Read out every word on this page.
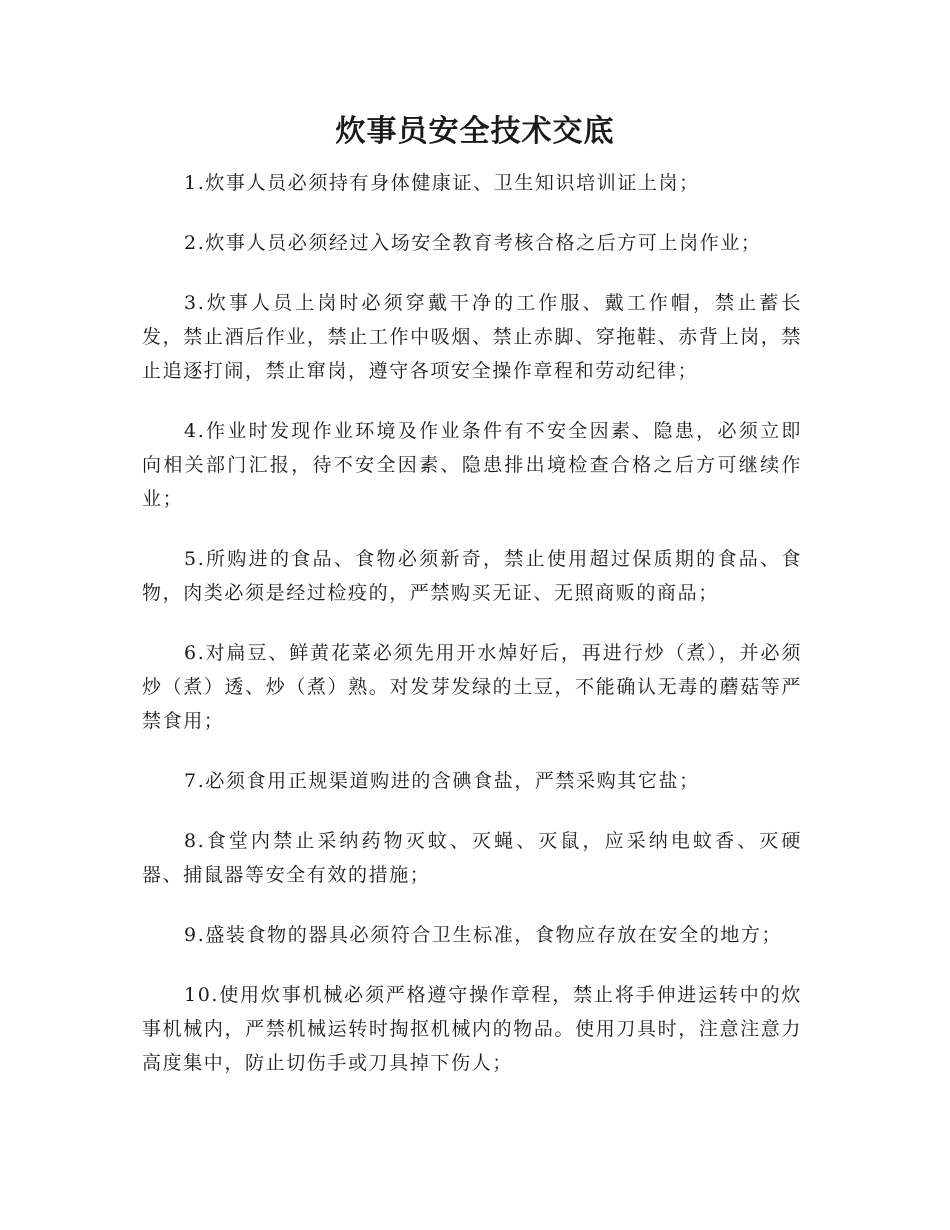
炊事员安全技术交底

1.炊事人员必须持有身体健康证、卫生知识培训证上岗；

2.炊事人员必须经过入场安全教育考核合格之后方可上岗作业；

3.炊事人员上岗时必须穿戴干净的工作服、戴工作帽，禁止蓄长发，禁止酒后作业，禁止工作中吸烟、禁止赤脚、穿拖鞋、赤背上岗，禁止追逐打闹，禁止窜岗，遵守各项安全操作章程和劳动纪律；

4.作业时发现作业环境及作业条件有不安全因素、隐患，必须立即向相关部门汇报，待不安全因素、隐患排出境检查合格之后方可继续作业；

5.所购进的食品、食物必须新奇，禁止使用超过保质期的食品、食物，肉类必须是经过检疫的，严禁购买无证、无照商贩的商品；

6.对扁豆、鲜黄花菜必须先用开水焯好后，再进行炒（煮），并必须炒（煮）透、炒（煮）熟。对发芽发绿的土豆，不能确认无毒的蘑菇等严禁食用；

7.必须食用正规渠道购进的含碘食盐，严禁采购其它盐；

8.食堂内禁止采纳药物灭蚊、灭蝇、灭鼠，应采纳电蚊香、灭硬器、捕鼠器等安全有效的措施；

9.盛装食物的器具必须符合卫生标准，食物应存放在安全的地方；

10.使用炊事机械必须严格遵守操作章程，禁止将手伸进运转中的炊事机械内，严禁机械运转时掏抠机械内的物品。使用刀具时，注意注意力高度集中，防止切伤手或刀具掉下伤人；
